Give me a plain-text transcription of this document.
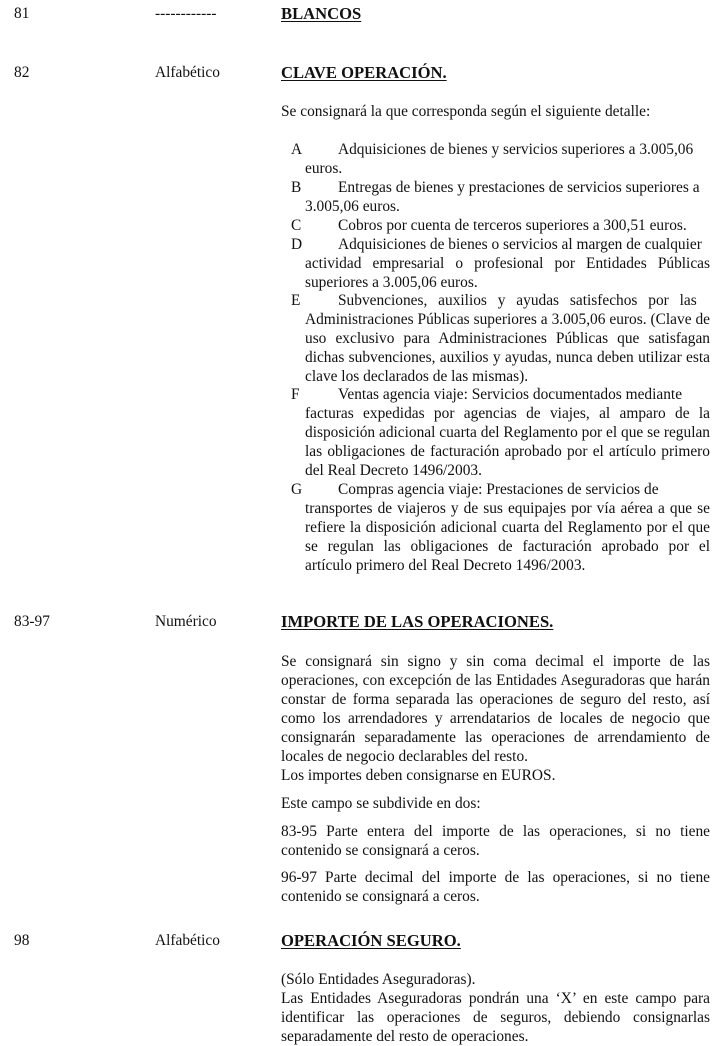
81	------------	BLANCOS

82	Alfabético	CLAVE OPERACIÓN.

Se consignará la que corresponda según el siguiente detalle:

A Adquisiciones de bienes y servicios superiores a 3.005,06

euros.

B Entregas de bienes y prestaciones de servicios superiores a

3.005,06 euros.

C Cobros por cuenta de terceros superiores a 300,51 euros.

D Adquisiciones de bienes o servicios al margen de cualquier

actividad empresarial o profesional por Entidades Públicas superiores a 3.005,06 euros.

E Subvenciones, auxilios y ayudas satisfechos por las

Administraciones Públicas superiores a 3.005,06 euros. (Clave de uso exclusivo para Administraciones Públicas que satisfagan dichas subvenciones, auxilios y ayudas, nunca deben utilizar esta clave los declarados de las mismas).

F Ventas agencia viaje: Servicios documentados mediante

facturas expedidas por agencias de viajes, al amparo de la disposición adicional cuarta del Reglamento por el que se regulan las obligaciones de facturación aprobado por el artículo primero del Real Decreto 1496/2003.

G Compras agencia viaje: Prestaciones de servicios de

transportes de viajeros y de sus equipajes por vía aérea a que se refiere la disposición adicional cuarta del Reglamento por el que se regulan las obligaciones de facturación aprobado por el artículo primero del Real Decreto 1496/2003.

83-97	Numérico	IMPORTE DE LAS OPERACIONES.

Se consignará sin signo y sin coma decimal el importe de las operaciones, con excepción de las Entidades Aseguradoras que harán constar de forma separada las operaciones de seguro del resto, así como los arrendadores y arrendatarios de locales de negocio que consignarán separadamente las operaciones de arrendamiento de locales de negocio declarables del resto.

Los importes deben consignarse en EUROS.

Este campo se subdivide en dos:

83-95 Parte entera del importe de las operaciones, si no tiene contenido se consignará a ceros.

96-97 Parte decimal del importe de las operaciones, si no tiene contenido se consignará a ceros.

98	Alfabético	OPERACIÓN SEGURO.

(Sólo Entidades Aseguradoras).

Las Entidades Aseguradoras pondrán una ‘X’ en este campo para identificar las operaciones de seguros, debiendo consignarlas separadamente del resto de operaciones.
